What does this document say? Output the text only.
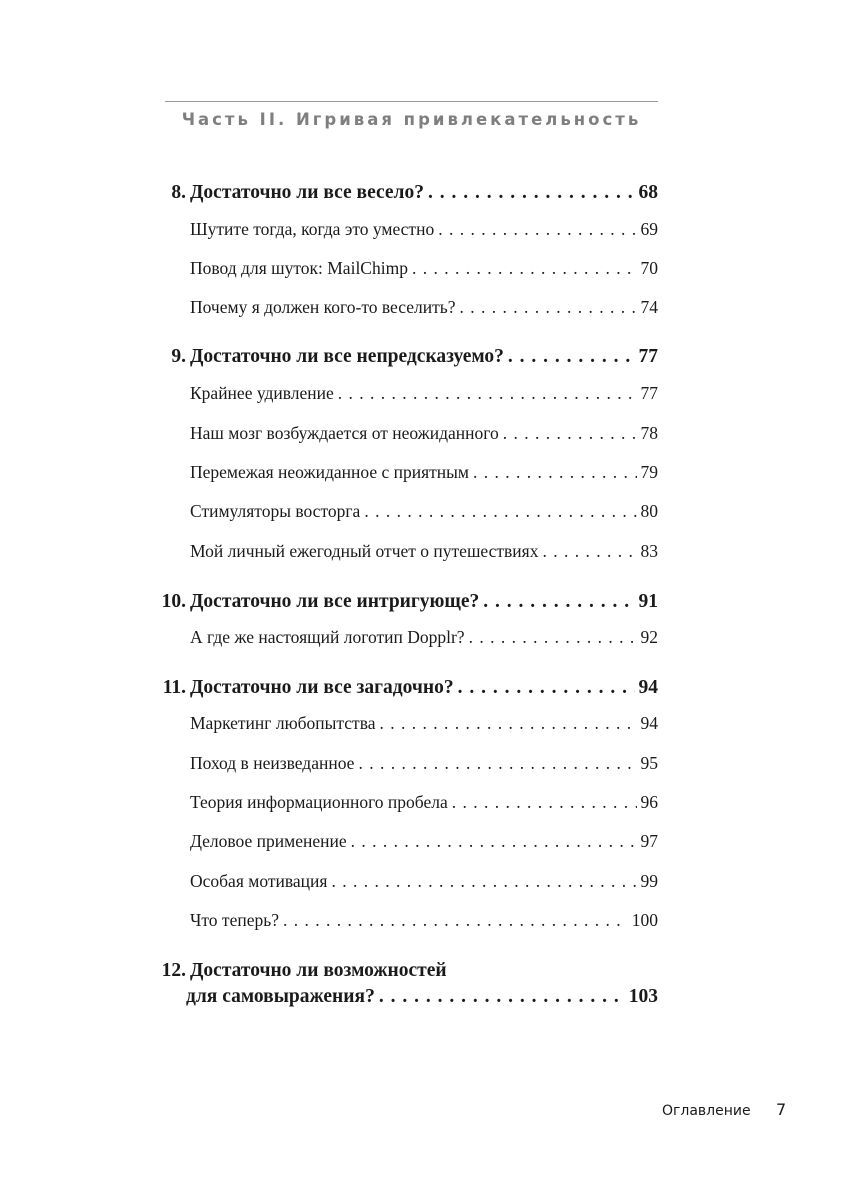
Часть II. Игривая привлекательность
8. Достаточно ли все весело? . . .	68
Шутите тогда, когда это уместно . . .	69
Повод для шуток: MailChimp . . .	70
Почему я должен кого-то веселить? . . .	74
9. Достаточно ли все непредсказуемо? . . .	77
Крайнее удивление . . .	77
Наш мозг возбуждается от неожиданного . . .	78
Перемежая неожиданное с приятным . . .	79
Стимуляторы восторга . . .	80
Мой личный ежегодный отчет о путешествиях . . .	83
10. Достаточно ли все интригующе? . . .	91
А где же настоящий логотип Dopplr? . . .	92
11. Достаточно ли все загадочно? . . .	94
Маркетинг любопытства . . .	94
Поход в неизведанное . . .	95
Теория информационного пробела . . .	96
Деловое применение . . .	97
Особая мотивация . . .	99
Что теперь? . . .	100
12. Достаточно ли возможностей
для самовыражения? . . .	103
Оглавление 7
